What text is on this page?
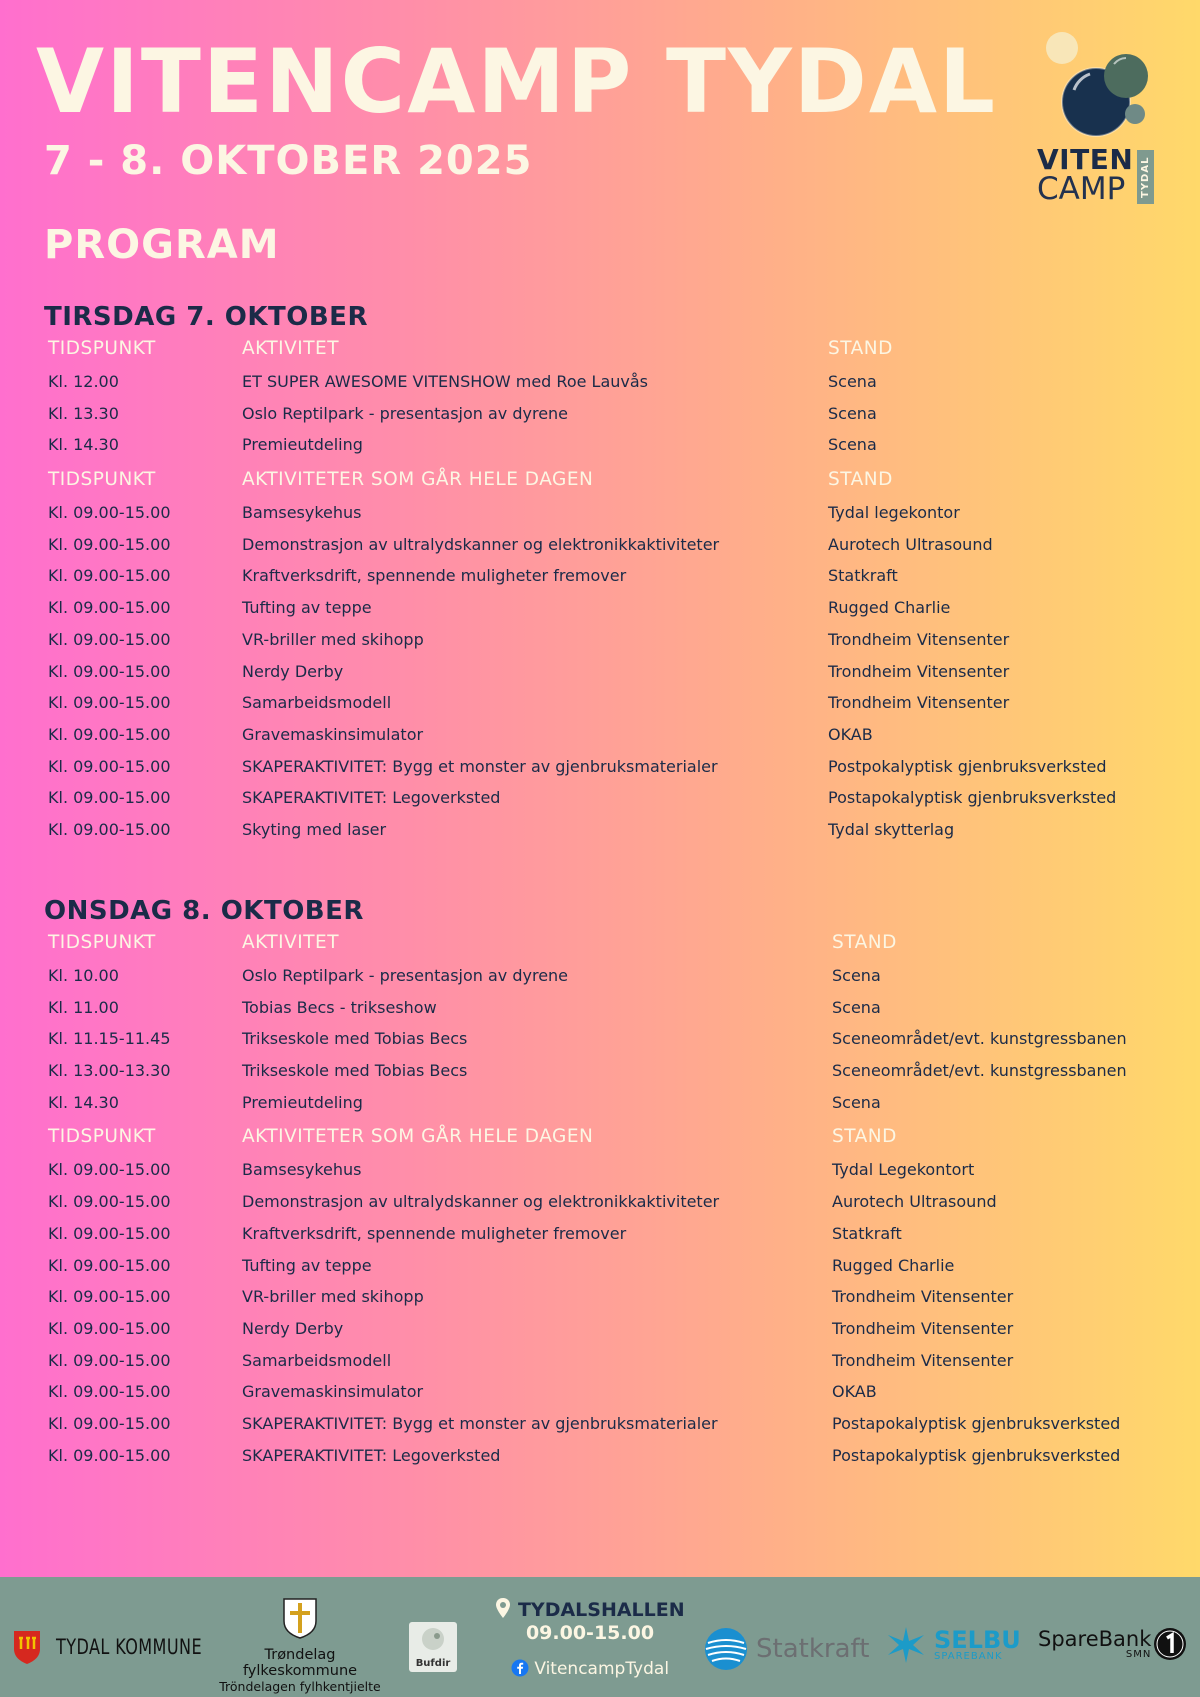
VITENCAMP TYDAL
7 - 8. OKTOBER 2025
PROGRAM
VITEN
CAMP	TYDAL
TIRSDAG 7. OKTOBER
TIDSPUNKT	AKTIVITET	STAND
Kl. 12.00	ET SUPER AWESOME VITENSHOW med Roe Lauvås	Scena
Kl. 13.30	Oslo Reptilpark - presentasjon av dyrene	Scena
Kl. 14.30	Premieutdeling	Scena
TIDSPUNKT	AKTIVITETER SOM GÅR HELE DAGEN	STAND
Kl. 09.00-15.00	Bamsesykehus	Tydal legekontor
Kl. 09.00-15.00	Demonstrasjon av ultralydskanner og elektronikkaktiviteter	Aurotech Ultrasound
Kl. 09.00-15.00	Kraftverksdrift, spennende muligheter fremover	Statkraft
Kl. 09.00-15.00	Tufting av teppe	Rugged Charlie
Kl. 09.00-15.00	VR-briller med skihopp	Trondheim Vitensenter
Kl. 09.00-15.00	Nerdy Derby	Trondheim Vitensenter
Kl. 09.00-15.00	Samarbeidsmodell	Trondheim Vitensenter
Kl. 09.00-15.00	Gravemaskinsimulator	OKAB
Kl. 09.00-15.00	SKAPERAKTIVITET: Bygg et monster av gjenbruksmaterialer	Postpokalyptisk gjenbruksverksted
Kl. 09.00-15.00	SKAPERAKTIVITET: Legoverksted	Postapokalyptisk gjenbruksverksted
Kl. 09.00-15.00	Skyting med laser	Tydal skytterlag
ONSDAG 8. OKTOBER
TIDSPUNKT	AKTIVITET	STAND
Kl. 10.00	Oslo Reptilpark - presentasjon av dyrene	Scena
Kl. 11.00	Tobias Becs - trikseshow	Scena
Kl. 11.15-11.45	Trikseskole med Tobias Becs	Sceneområdet/evt. kunstgressbanen
Kl. 13.00-13.30	Trikseskole med Tobias Becs	Sceneområdet/evt. kunstgressbanen
Kl. 14.30	Premieutdeling	Scena
TIDSPUNKT	AKTIVITETER SOM GÅR HELE DAGEN	STAND
Kl. 09.00-15.00	Bamsesykehus	Tydal Legekontort
Kl. 09.00-15.00	Demonstrasjon av ultralydskanner og elektronikkaktiviteter	Aurotech Ultrasound
Kl. 09.00-15.00	Kraftverksdrift, spennende muligheter fremover	Statkraft
Kl. 09.00-15.00	Tufting av teppe	Rugged Charlie
Kl. 09.00-15.00	VR-briller med skihopp	Trondheim Vitensenter
Kl. 09.00-15.00	Nerdy Derby	Trondheim Vitensenter
Kl. 09.00-15.00	Samarbeidsmodell	Trondheim Vitensenter
Kl. 09.00-15.00	Gravemaskinsimulator	OKAB
Kl. 09.00-15.00	SKAPERAKTIVITET: Bygg et monster av gjenbruksmaterialer	Postapokalyptisk gjenbruksverksted
Kl. 09.00-15.00	SKAPERAKTIVITET: Legoverksted	Postapokalyptisk gjenbruksverksted
TYDAL KOMMUNE	Trøndelag fylkeskommune
Tröndelagen fylhkentjielte
Bufdir
TYDALSHALLEN
09.00-15.00
VitencampTydal
Statkraft	SELBU
SPAREBANK
SpareBank
SMN
